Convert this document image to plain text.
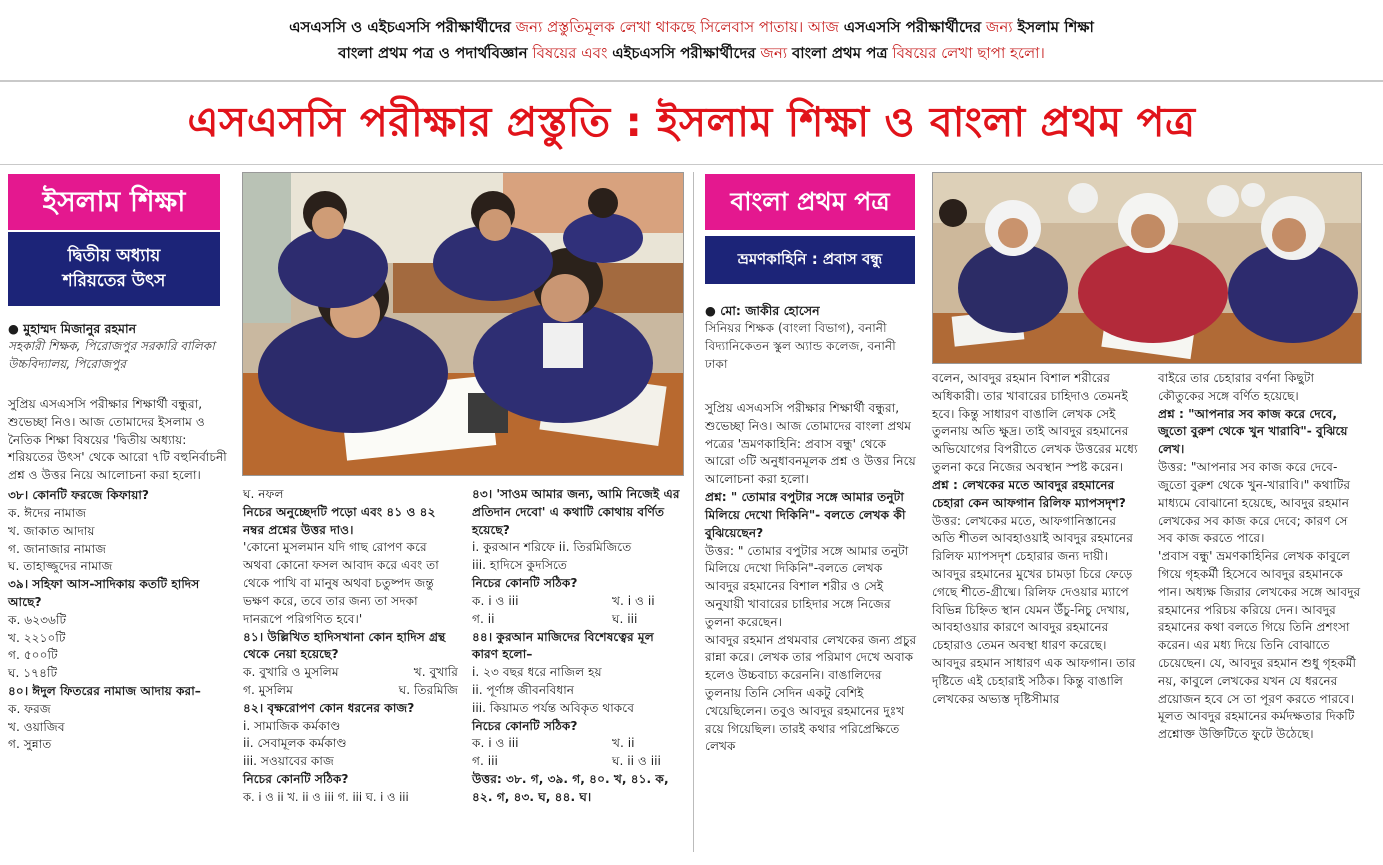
এসএসসি ও এইচএসসি পরীক্ষার্থীদের জন্য প্রস্তুতিমূলক লেখা থাকছে সিলেবাস পাতায়। আজ এসএসসি পরীক্ষার্থীদের জন্য ইসলাম শিক্ষা
বাংলা প্রথম পত্র ও পদার্থবিজ্ঞান বিষয়ের এবং এইচএসসি পরীক্ষার্থীদের জন্য বাংলা প্রথম পত্র বিষয়ের লেখা ছাপা হলো।
এসএসসি পরীক্ষার প্রস্তুতি : ইসলাম শিক্ষা ও বাংলা প্রথম পত্র
ইসলাম শিক্ষা
দ্বিতীয় অধ্যায়
শরিয়তের উৎস
● মুহাম্মদ মিজানুর রহমান
সহকারী শিক্ষক, পিরোজপুর সরকারি বালিকা উচ্চবিদ্যালয়, পিরোজপুর

সুপ্রিয় এসএসসি পরীক্ষার শিক্ষার্থী বন্ধুরা, শুভেচ্ছা নিও। আজ তোমাদের ইসলাম ও নৈতিক শিক্ষা বিষয়ের 'দ্বিতীয় অধ্যায়: শরিয়তের উৎস' থেকে আরো ৭টি বহুনির্বাচনী প্রশ্ন ও উত্তর নিয়ে আলোচনা করা হলো।

৩৮। কোনটি ফরজে কিফায়া?

ক. ঈদের নামাজ

খ. জাকাত আদায়

গ. জানাজার নামাজ

ঘ. তাহাজ্জুদের নামাজ

৩৯। সহিফা আস-সাদিকায় কতটি হাদিস আছে?

ক. ৬২৩৬টি

খ. ২২১০টি

গ. ৫০০টি

ঘ. ১৭৪টি

৪০। ঈদুল ফিতরের নামাজ আদায় করা–

ক. ফরজ

খ. ওয়াজিব

গ. সুন্নাত

ঘ. নফল

নিচের অনুচ্ছেদটি পড়ো এবং ৪১ ও ৪২ নম্বর প্রশ্নের উত্তর দাও।

'কোনো মুসলমান যদি গাছ রোপণ করে অথবা কোনো ফসল আবাদ করে এবং তা থেকে পাখি বা মানুষ অথবা চতুষ্পদ জন্তু ভক্ষণ করে, তবে তার জন্য তা সদকা দানরূপে পরিগণিত হবে।'

৪১। উল্লিখিত হাদিসখানা কোন হাদিস গ্রন্থ থেকে নেয়া হয়েছে?

ক. বুখারি ও মুসলিম	খ. বুখারি
গ. মুসলিম	ঘ. তিরমিজি

৪২। বৃক্ষরোপণ কোন ধরনের কাজ?

i. সামাজিক কর্মকাণ্ড

ii. সেবামূলক কর্মকাণ্ড

iii. সওয়াবের কাজ

নিচের কোনটি সঠিক?

ক. i ও ii খ. ii ও iii গ. iii ঘ. i ও iii

৪৩। 'সাওম আমার জন্য, আমি নিজেই এর প্রতিদান দেবো' এ কথাটি কোথায় বর্ণিত হয়েছে?

i. কুরআন শরিফে ii. তিরমিজিতে

iii. হাদিসে কুদসিতে

নিচের কোনটি সঠিক?

ক. i ও iii	খ. i ও ii
গ. ii	ঘ. iii

৪৪। কুরআন মাজিদের বিশেষত্বের মূল কারণ হলো–

i. ২৩ বছর ধরে নাজিল হয়

ii. পূর্ণাঙ্গ জীবনবিধান

iii. কিয়ামত পর্যন্ত অবিকৃত থাকবে

নিচের কোনটি সঠিক?

ক. i ও iii	খ. ii
গ. iii	ঘ. ii ও iii

উত্তর: ৩৮. গ, ৩৯. গ, ৪০. খ, ৪১. ক, ৪২. গ, ৪৩. ঘ, ৪৪. ঘ।

বাংলা প্রথম পত্র
ভ্রমণকাহিনি : প্রবাস বন্ধু
● মো: জাকীর হোসেন
সিনিয়র শিক্ষক (বাংলা বিভাগ), বনানী বিদ্যানিকেতন স্কুল অ্যান্ড কলেজ, বনানী ঢাকা

সুপ্রিয় এসএসসি পরীক্ষার শিক্ষার্থী বন্ধুরা, শুভেচ্ছা নিও। আজ তোমাদের বাংলা প্রথম পত্রের 'ভ্রমণকাহিনি: প্রবাস বন্ধু' থেকে আরো ৩টি অনুধাবনমূলক প্রশ্ন ও উত্তর নিয়ে আলোচনা করা হলো।

প্রশ্ন: " তোমার বপুটার সঙ্গে আমার তনুটা মিলিয়ে দেখো দিকিনি"- বলতে লেখক কী বুঝিয়েছেন?

উত্তর: " তোমার বপুটার সঙ্গে আমার তনুটা মিলিয়ে দেখো দিকিনি"-বলতে লেখক আবদুর রহমানের বিশাল শরীর ও সেই অনুযায়ী খাবারের চাহিদার সঙ্গে নিজের তুলনা করেছেন।

আবদুর রহমান প্রথমবার লেখকের জন্য প্রচুর রান্না করে। লেখক তার পরিমাণ দেখে অবাক হলেও উচ্চবাচ্য করেননি। বাঙালিদের তুলনায় তিনি সেদিন একটু বেশিই খেয়েছিলেন। তবুও আবদুর রহমানের দুঃখ রয়ে গিয়েছিল। তারই কথার পরিপ্রেক্ষিতে লেখক

বলেন, আবদুর রহমান বিশাল শরীরের অধিকারী। তার খাবারের চাহিদাও তেমনই হবে। কিন্তু সাধারণ বাঙালি লেখক সেই তুলনায় অতি ক্ষুদ্র। তাই আবদুর রহমানের অভিযোগের বিপরীতে লেখক উত্তরের মধ্যে তুলনা করে নিজের অবস্থান স্পষ্ট করেন।

প্রশ্ন : লেখকের মতে আবদুর রহমানের চেহারা কেন আফগান রিলিফ ম্যাপসদৃশ?

উত্তর: লেখকের মতে, আফগানিস্তানের অতি শীতল আবহাওয়াই আবদুর রহমানের রিলিফ ম্যাপসদৃশ চেহারার জন্য দায়ী।

আবদুর রহমানের মুখের চামড়া চিরে ফেড়ে গেছে শীতে-গ্রীষ্মে। রিলিফ দেওয়ার ম্যাপে বিভিন্ন চিহ্নিত স্থান যেমন উঁচু-নিচু দেখায়, আবহাওয়ার কারণে আবদুর রহমানের চেহারাও তেমন অবস্থা ধারণ করেছে। আবদুর রহমান সাধারণ এক আফগান। তার দৃষ্টিতে এই চেহারাই সঠিক। কিন্তু বাঙালি লেখকের অভ্যস্ত দৃষ্টিসীমার

বাইরে তার চেহারার বর্ণনা কিছুটা কৌতুকের সঙ্গে বর্ণিত হয়েছে।

প্রশ্ন : "আপনার সব কাজ করে দেবে, জুতো বুরুশ থেকে খুন খারাবি"- বুঝিয়ে লেখ।

উত্তর: "আপনার সব কাজ করে দেবে- জুতো বুরুশ থেকে খুন-খারাবি।" কথাটির মাধ্যমে বোঝানো হয়েছে, আবদুর রহমান লেখকের সব কাজ করে দেবে; কারণ সে সব কাজ করতে পারে।

'প্রবাস বন্ধু' ভ্রমণকাহিনির লেখক কাবুলে গিয়ে গৃহকর্মী হিসেবে আবদুর রহমানকে পান। অধ্যক্ষ জিরার লেখকের সঙ্গে আবদুর রহমানের পরিচয় করিয়ে দেন। আবদুর রহমানের কথা বলতে গিয়ে তিনি প্রশংসা করেন। এর মধ্য দিয়ে তিনি বোঝাতে চেয়েছেন। যে, আবদুর রহমান শুধু গৃহকর্মী নয়, কাবুলে লেখকের যখন যে ধরনের প্রয়োজন হবে সে তা পূরণ করতে পারবে। মূলত আবদুর রহমানের কর্মদক্ষতার দিকটি প্রশ্নোক্ত উক্তিটিতে ফুটে উঠেছে।
